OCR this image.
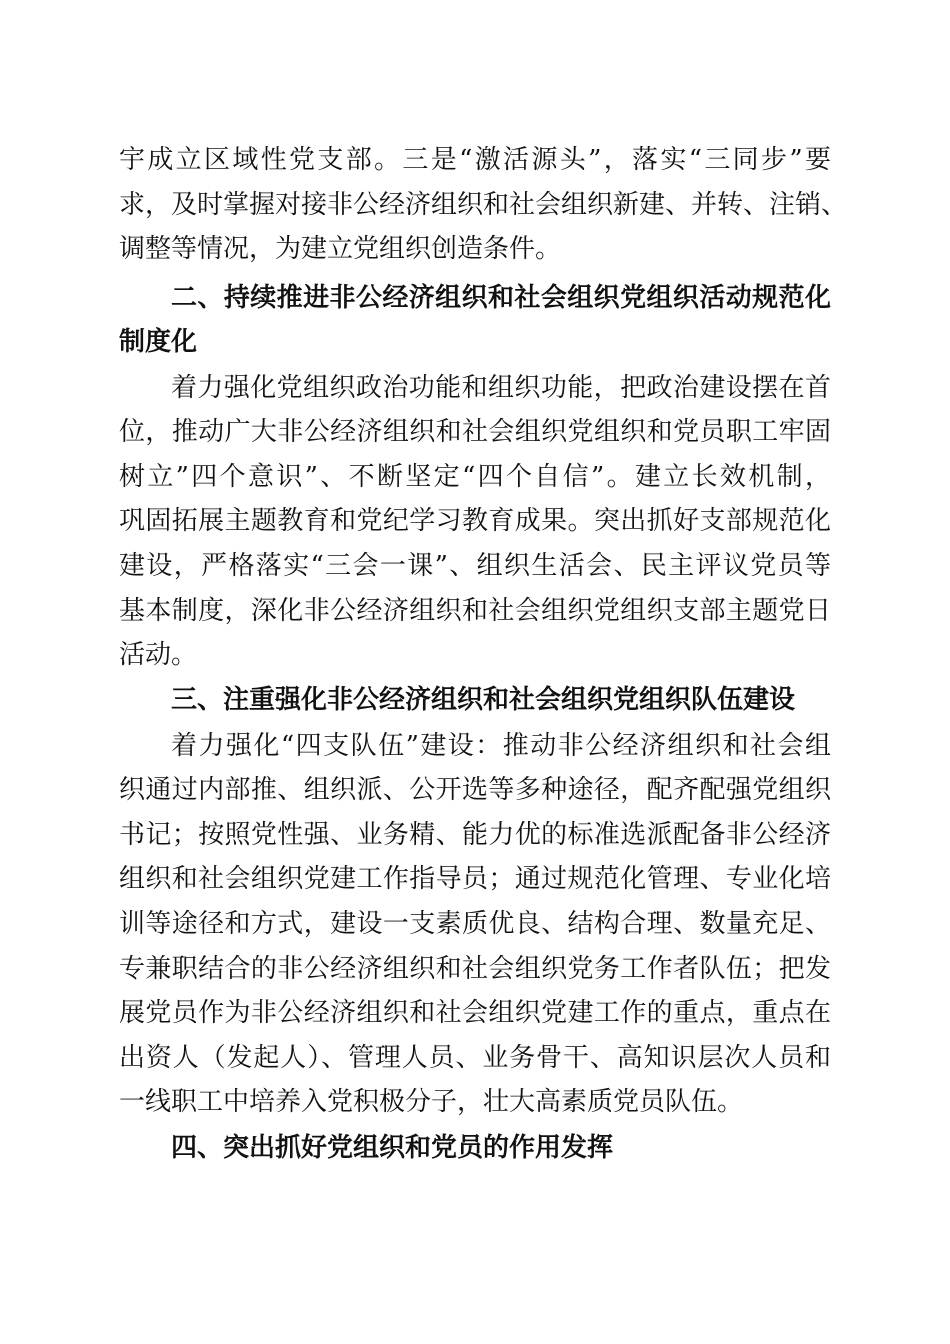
宇成立区域性党支部。三是“激活源头”，落实“三同步”要
求，及时掌握对接非公经济组织和社会组织新建、并转、注销、
调整等情况，为建立党组织创造条件。
二、持续推进非公经济组织和社会组织党组织活动规范化
制度化
着力强化党组织政治功能和组织功能，把政治建设摆在首
位，推动广大非公经济组织和社会组织党组织和党员职工牢固
树立”四个意识”、不断坚定“四个自信”。建立长效机制，
巩固拓展主题教育和党纪学习教育成果。突出抓好支部规范化
建设，严格落实“三会一课”、组织生活会、民主评议党员等
基本制度，深化非公经济组织和社会组织党组织支部主题党日
活动。
三、注重强化非公经济组织和社会组织党组织队伍建设
着力强化“四支队伍”建设：推动非公经济组织和社会组
织通过内部推、组织派、公开选等多种途径，配齐配强党组织
书记；按照党性强、业务精、能力优的标准选派配备非公经济
组织和社会组织党建工作指导员；通过规范化管理、专业化培
训等途径和方式，建设一支素质优良、结构合理、数量充足、
专兼职结合的非公经济组织和社会组织党务工作者队伍；把发
展党员作为非公经济组织和社会组织党建工作的重点，重点在
出资人（发起人）、管理人员、业务骨干、高知识层次人员和
一线职工中培养入党积极分子，壮大高素质党员队伍。
四、突出抓好党组织和党员的作用发挥
